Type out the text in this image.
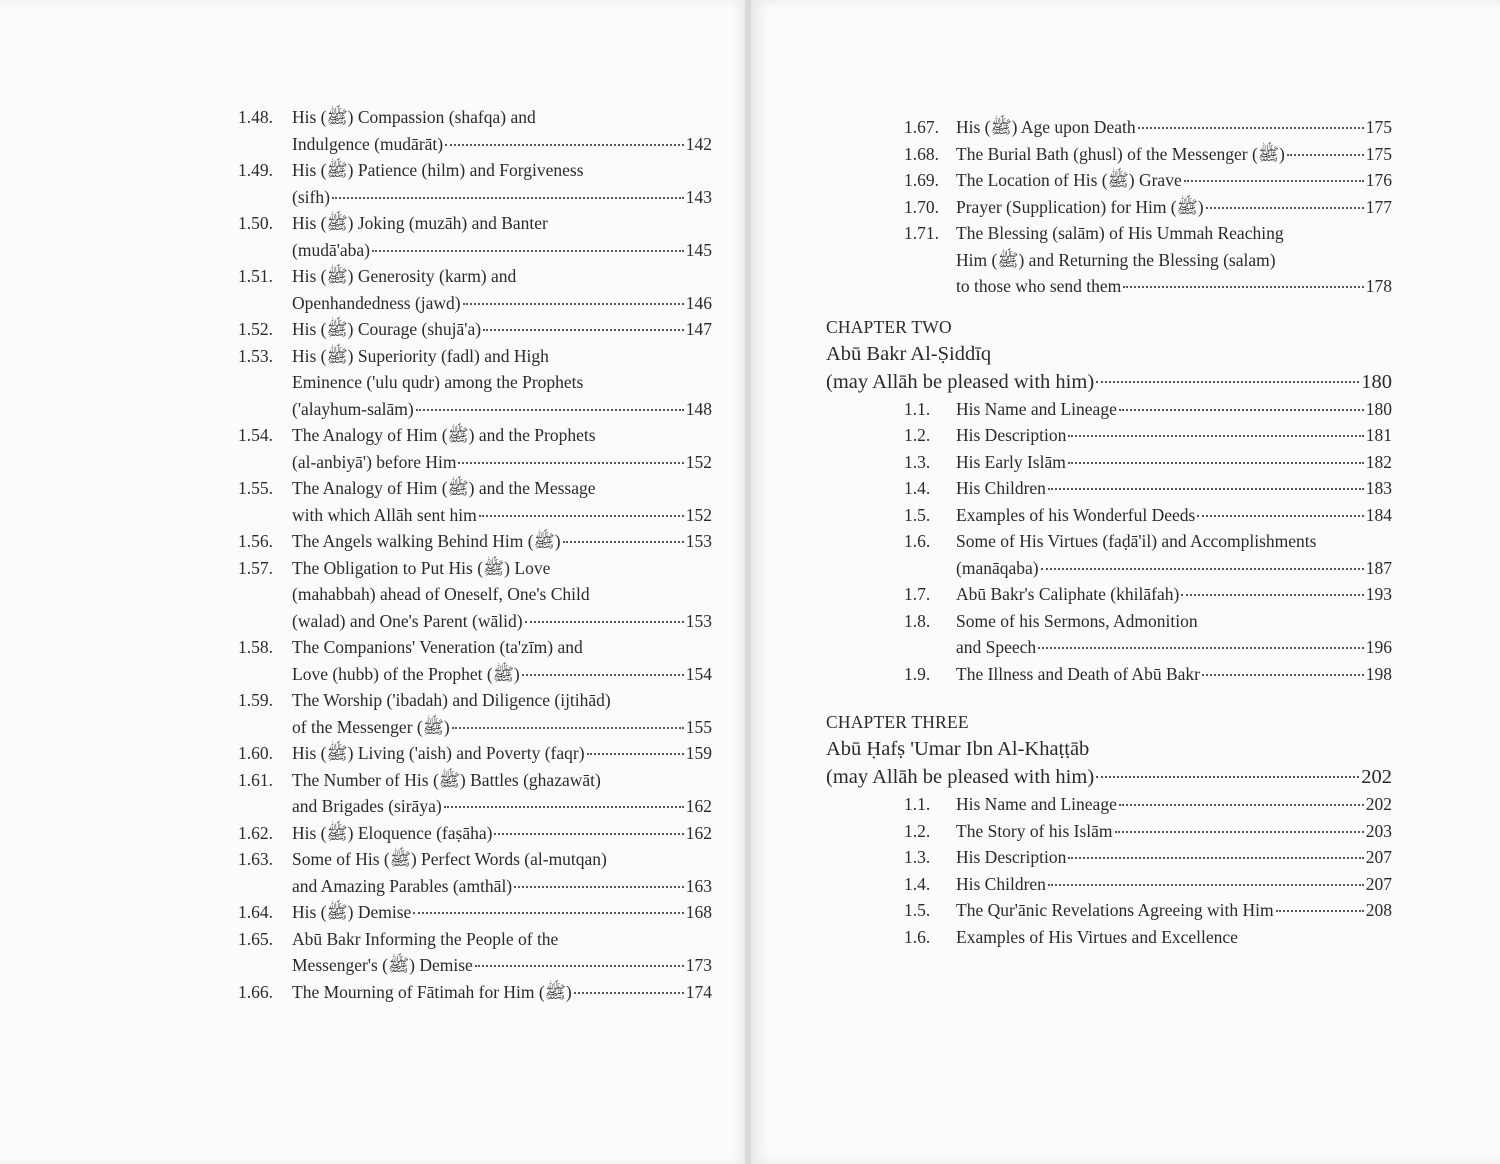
1.48.	His (ﷺ) Compassion (shafqa) and
Indulgence (mudārāt)	142
1.49.	His (ﷺ) Patience (hilm) and Forgiveness
(sifh)	143
1.50.	His (ﷺ) Joking (muzāh) and Banter
(mudā'aba)	145
1.51.	His (ﷺ) Generosity (karm) and
Openhandedness (jawd)	146
1.52.	His (ﷺ) Courage (shujā'a)	147
1.53.	His (ﷺ) Superiority (fadl) and High
Eminence ('ulu qudr) among the Prophets
('alayhum-salām)	148
1.54.	The Analogy of Him (ﷺ) and the Prophets
(al-anbiyā') before Him	152
1.55.	The Analogy of Him (ﷺ) and the Message
with which Allāh sent him	152
1.56.	The Angels walking Behind Him (ﷺ)	153
1.57.	The Obligation to Put His (ﷺ) Love
(mahabbah) ahead of Oneself, One's Child
(walad) and One's Parent (wālid)	153
1.58.	The Companions' Veneration (ta'zīm) and
Love (hubb) of the Prophet (ﷺ)	154
1.59.	The Worship ('ibadah) and Diligence (ijtihād)
of the Messenger (ﷺ)	155
1.60.	His (ﷺ) Living ('aish) and Poverty (faqr)	159
1.61.	The Number of His (ﷺ) Battles (ghazawāt)
and Brigades (sirāya)	162
1.62.	His (ﷺ) Eloquence (faṣāha)	162
1.63.	Some of His (ﷺ) Perfect Words (al-mutqan)
and Amazing Parables (amthāl)	163
1.64.	His (ﷺ) Demise	168
1.65.	Abū Bakr Informing the People of the
Messenger's (ﷺ) Demise	173
1.66.	The Mourning of Fātimah for Him (ﷺ)	174
1.67. His (ﷺ) Age upon Death	175
1.68. The Burial Bath (ghusl) of the Messenger (ﷺ)	175
1.69. The Location of His (ﷺ) Grave	176
1.70. Prayer (Supplication) for Him (ﷺ)	177
1.71. The Blessing (salām) of His Ummah Reaching
Him (ﷺ) and Returning the Blessing (salam)
to those who send them	178
CHAPTER TWO
Abū Bakr Al-Ṣiddīq
(may Allāh be pleased with him)	180
1.1.	His Name and Lineage	180
1.2.	His Description	181
1.3.	His Early Islām	182
1.4.	His Children	183
1.5.	Examples of his Wonderful Deeds	184
1.6.	Some of His Virtues (faḍā'il) and Accomplishments
(manāqaba)	187
1.7.	Abū Bakr's Caliphate (khilāfah)	193
1.8.	Some of his Sermons, Admonition
and Speech	196
1.9.	The Illness and Death of Abū Bakr	198
CHAPTER THREE
Abū Ḥafṣ 'Umar Ibn Al-Khaṭṭāb
(may Allāh be pleased with him)	202
1.1.	His Name and Lineage	202
1.2.	The Story of his Islām	203
1.3.	His Description	207
1.4.	His Children	207
1.5.	The Qur'ānic Revelations Agreeing with Him	208
1.6.	Examples of His Virtues and Excellence
